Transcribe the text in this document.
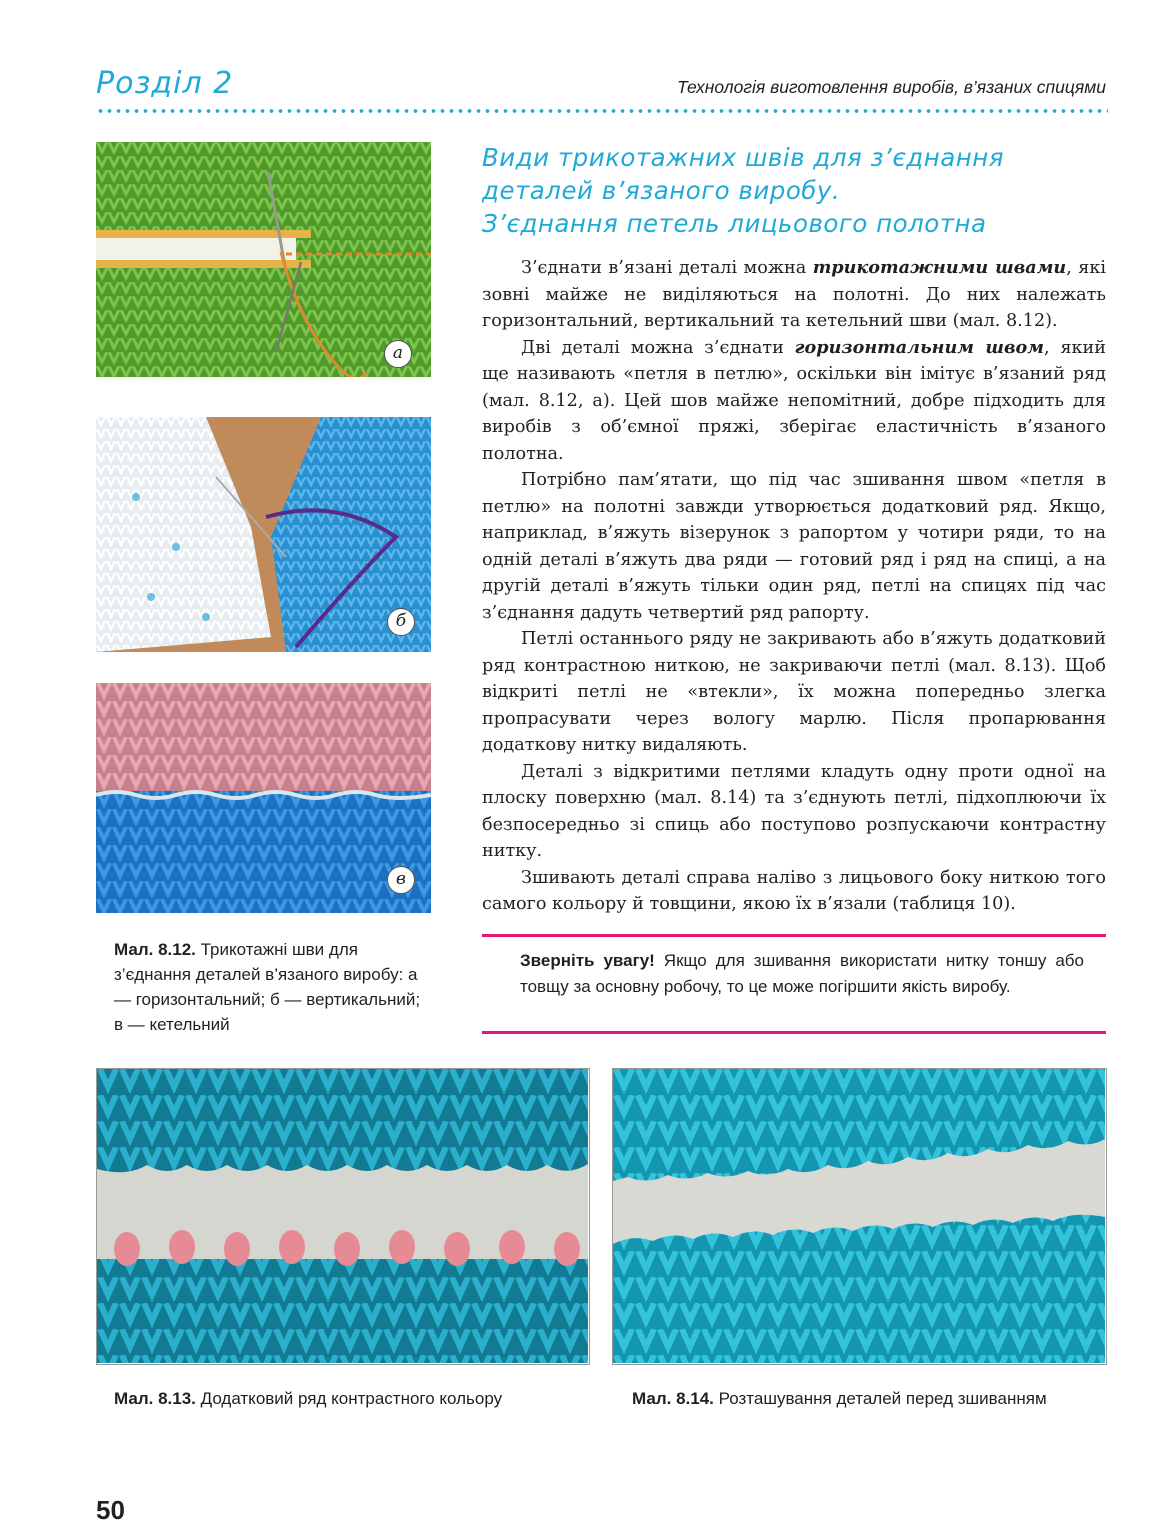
Розділ 2	Технологія виготовлення виробів, в’язаних спицями
а
б
в
Мал. 8.12. Трикотажні шви для з’єднання деталей в’язаного виробу: а — горизонтальний; б — вертикальний; в — кетельний
Види трикотажних швів для з’єднання
деталей в’язаного виробу.
З’єднання петель лицьового полотна

З’єднати в’язані деталі можна трикотажними швами, які зовні майже не виділяються на полотні. До них належать горизонтальний, вертикальний та кетельний шви (мал. 8.12).

Дві деталі можна з’єднати горизонтальним швом, який ще називають «петля в петлю», оскільки він імітує в’язаний ряд (мал. 8.12, а). Цей шов майже непомітний, добре підходить для виробів з об’ємної пряжі, зберігає еластичність в’язаного полотна.

Потрібно пам’ятати, що під час зшивання швом «петля в петлю» на полотні завжди утворюється додатковий ряд. Якщо, наприклад, в’яжуть візерунок з рапортом у чотири ряди, то на одній деталі в’яжуть два ряди — готовий ряд і ряд на спиці, а на другій деталі в’яжуть тільки один ряд, петлі на спицях під час з’єднання дадуть четвертий ряд рапорту.

Петлі останнього ряду не закривають або в’яжуть додатковий ряд контрастною ниткою, не закриваючи петлі (мал. 8.13). Щоб відкриті петлі не «втекли», їх можна попередньо злегка пропрасувати через вологу марлю. Після пропарювання додаткову нитку видаляють.

Деталі з відкритими петлями кладуть одну проти одної на плоску поверхню (мал. 8.14) та з’єднують петлі, підхоплюючи їх безпосередньо зі спиць або поступово розпускаючи контрастну нитку.

Зшивають деталі справа наліво з лицьового боку ниткою того самого кольору й товщини, якою їх в’язали (таблиця 10).

Зверніть увагу! Якщо для зшивання використати нитку тоншу або товщу за основну робочу, то це може погіршити якість виробу.
Мал. 8.13. Додатковий ряд контрастного кольору	Мал. 8.14. Розташування деталей перед зшиванням
50
